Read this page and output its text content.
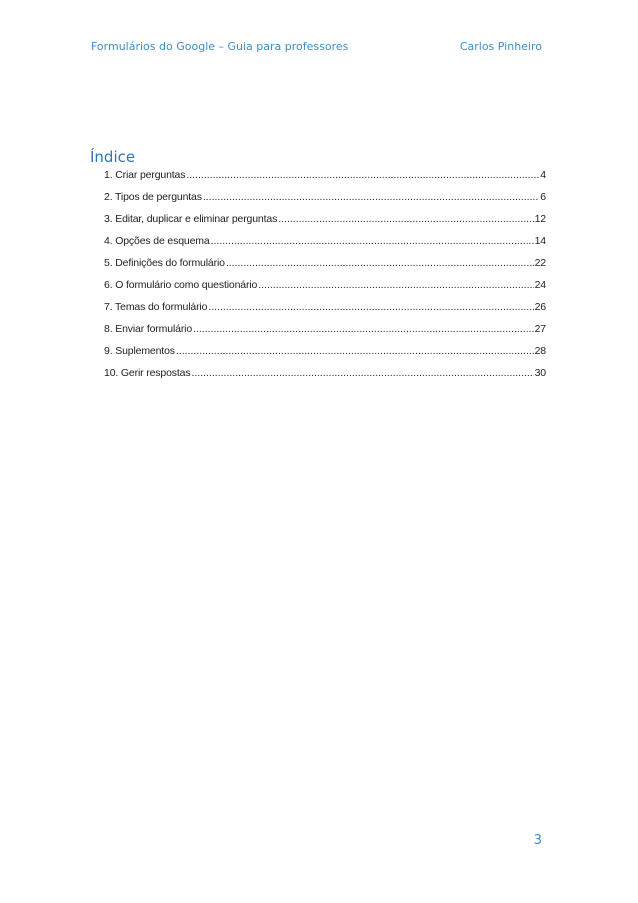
Formulários do Google – Guia para professores	Carlos Pinheiro
Índice
1. Criar perguntas .....	4
2. Tipos de perguntas .....	6
3. Editar, duplicar e eliminar perguntas .....	12
4. Opções de esquema .....	14
5. Definições do formulário .....	22
6. O formulário como questionário .....	24
7. Temas do formulário .....	26
8. Enviar formulário .....	27
9. Suplementos .....	28
10. Gerir respostas .....	30
3
